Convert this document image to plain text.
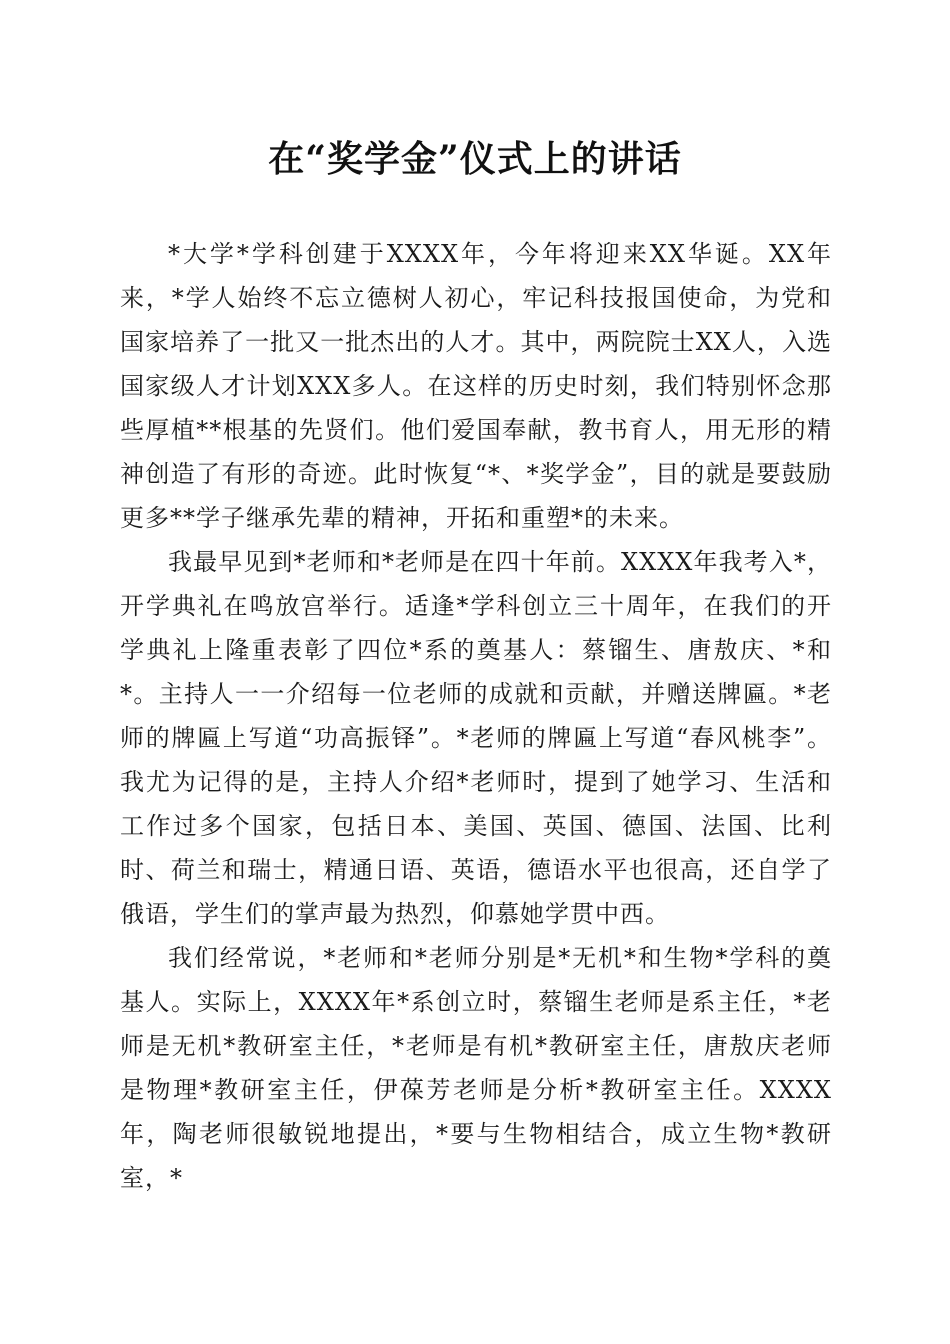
在“奖学金”仪式上的讲话

*大学*学科创建于XXXX年，今年将迎来XX华诞。XX年来，*学人始终不忘立德树人初心，牢记科技报国使命，为党和国家培养了一批又一批杰出的人才。其中，两院院士XX人，入选国家级人才计划XXX多人。在这样的历史时刻，我们特别怀念那些厚植**根基的先贤们。他们爱国奉献，教书育人，用无形的精神创造了有形的奇迹。此时恢复“*、*奖学金”，目的就是要鼓励更多**学子继承先辈的精神，开拓和重塑*的未来。

我最早见到*老师和*老师是在四十年前。XXXX年我考入*，开学典礼在鸣放宫举行。适逢*学科创立三十周年，在我们的开学典礼上隆重表彰了四位*系的奠基人：蔡镏生、唐敖庆、*和*。主持人一一介绍每一位老师的成就和贡献，并赠送牌匾。*老师的牌匾上写道“功高振铎”。*老师的牌匾上写道“春风桃李”。我尤为记得的是，主持人介绍*老师时，提到了她学习、生活和工作过多个国家，包括日本、美国、英国、德国、法国、比利时、荷兰和瑞士，精通日语、英语，德语水平也很高，还自学了俄语，学生们的掌声最为热烈，仰慕她学贯中西。

我们经常说，*老师和*老师分别是*无机*和生物*学科的奠基人。实际上，XXXX年*系创立时，蔡镏生老师是系主任，*老师是无机*教研室主任，*老师是有机*教研室主任，唐敖庆老师是物理*教研室主任，伊葆芳老师是分析*教研室主任。XXXX年，陶老师很敏锐地提出，*要与生物相结合，成立生物*教研室，*
